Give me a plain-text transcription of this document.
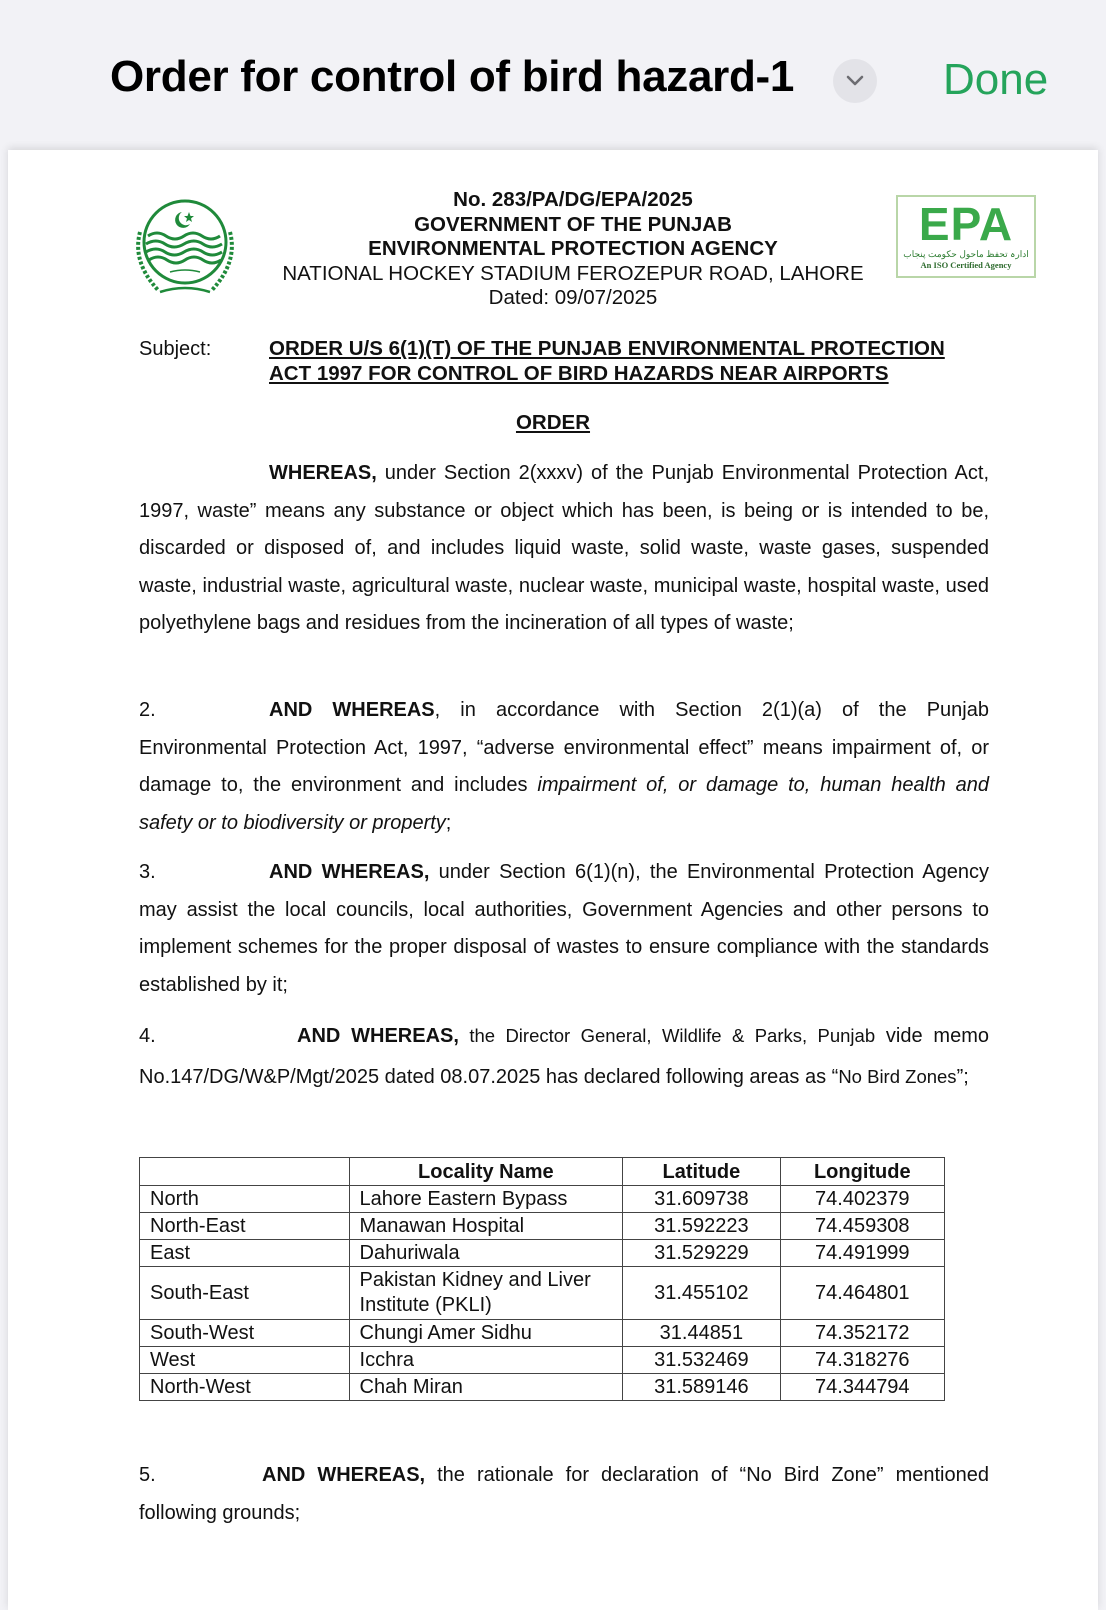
Order for control of bird hazard-1	Done
No. 283/PA/DG/EPA/2025
GOVERNMENT OF THE PUNJAB
ENVIRONMENTAL PROTECTION AGENCY
NATIONAL HOCKEY STADIUM FEROZEPUR ROAD, LAHORE
Dated: 09/07/2025
EPA
ادارہ تحفظ ماحول حکومت پنجاب
An ISO Certified Agency
Subject:	ORDER U/S 6(1)(T) OF THE PUNJAB ENVIRONMENTAL PROTECTION ACT 1997 FOR CONTROL OF BIRD HAZARDS NEAR AIRPORTS
ORDER
WHEREAS, under Section 2(xxxv) of the Punjab Environmental Protection Act, 1997, waste” means any substance or object which has been, is being or is intended to be, discarded or disposed of, and includes liquid waste, solid waste, waste gases, suspended waste, industrial waste, agricultural waste, nuclear waste, municipal waste, hospital waste, used polyethylene bags and residues from the incineration of all types of waste;
2.	AND WHEREAS, in accordance with Section 2(1)(a) of the Punjab Environmental Protection Act, 1997, “adverse environmental effect” means impairment of, or damage to, the environment and includes impairment of, or damage to, human health and safety or to biodiversity or property;
3.	AND WHEREAS, under Section 6(1)(n), the Environmental Protection Agency may assist the local councils, local authorities, Government Agencies and other persons to implement schemes for the proper disposal of wastes to ensure compliance with the standards established by it;
4.	AND WHEREAS, the Director General, Wildlife & Parks, Punjab vide memo No.147/DG/W&P/Mgt/2025 dated 08.07.2025 has declared following areas as “No Bird Zones”;
	Locality Name	Latitude	Longitude
North	Lahore Eastern Bypass	31.609738	74.402379
North-East	Manawan Hospital	31.592223	74.459308
East	Dahuriwala	31.529229	74.491999
South-East	Pakistan Kidney and Liver Institute (PKLI)	31.455102	74.464801
South-West	Chungi Amer Sidhu	31.44851	74.352172
West	Icchra	31.532469	74.318276
North-West	Chah Miran	31.589146	74.344794
5.	AND WHEREAS, the rationale for declaration of “No Bird Zone” mentioned following grounds;
